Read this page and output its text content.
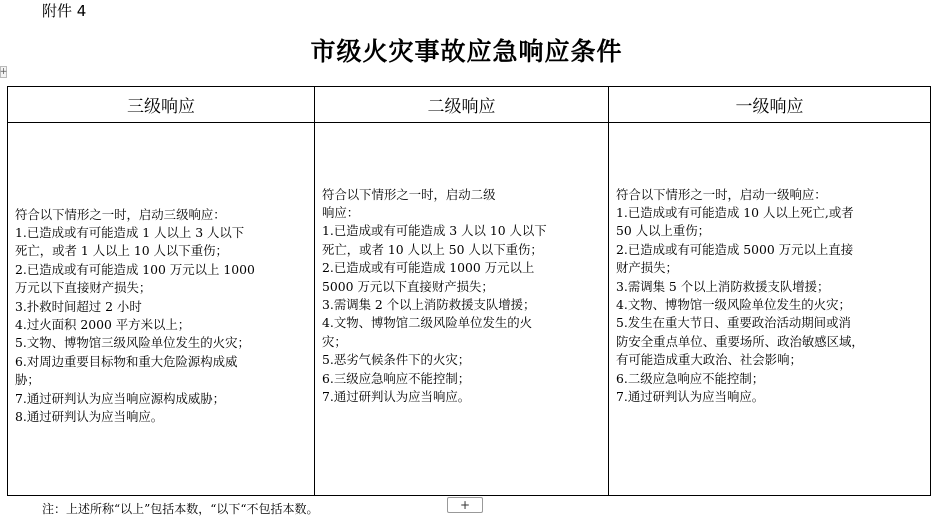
附件 4
市级火灾事故应急响应条件
+
三级响应
符合以下情形之一时，启动三级响应：
1.已造成或有可能造成 1 人以上 3 人以下
死亡，或者 1 人以上 10 人以下重伤；
2.已造成或有可能造成 100 万元以上 1000
万元以下直接财产损失；
3.扑救时间超过 2 小时
4.过火面积 2000 平方米以上；
5.文物、博物馆三级风险单位发生的火灾；
6.对周边重要目标物和重大危险源构成威
胁；
7.通过研判认为应当响应源构成威胁；
8.通过研判认为应当响应。
二级响应
符合以下情形之一时，启动二级
响应：
1.已造成或有可能造成 3 人以 10 人以下
死亡，或者 10 人以上 50 人以下重伤；
2.已造成或有可能造成 1000 万元以上
5000 万元以下直接财产损失；
3.需调集 2 个以上消防救援支队增援；
4.文物、博物馆二级风险单位发生的火
灾；
5.恶劣气候条件下的火灾；
6.三级应急响应不能控制；
7.通过研判认为应当响应。
一级响应
符合以下情形之一时，启动一级响应：
1.已造成或有可能造成 10 人以上死亡,或者
50 人以上重伤；
2.已造成或有可能造成 5000 万元以上直接
财产损失；
3.需调集 5 个以上消防救援支队增援；
4.文物、博物馆一级风险单位发生的火灾；
5.发生在重大节日、重要政治活动期间或消
防安全重点单位、重要场所、政治敏感区域，
有可能造成重大政治、社会影响；
6.二级应急响应不能控制；
7.通过研判认为应当响应。
注：上述所称“以上”包括本数，“以下“不包括本数。	+
